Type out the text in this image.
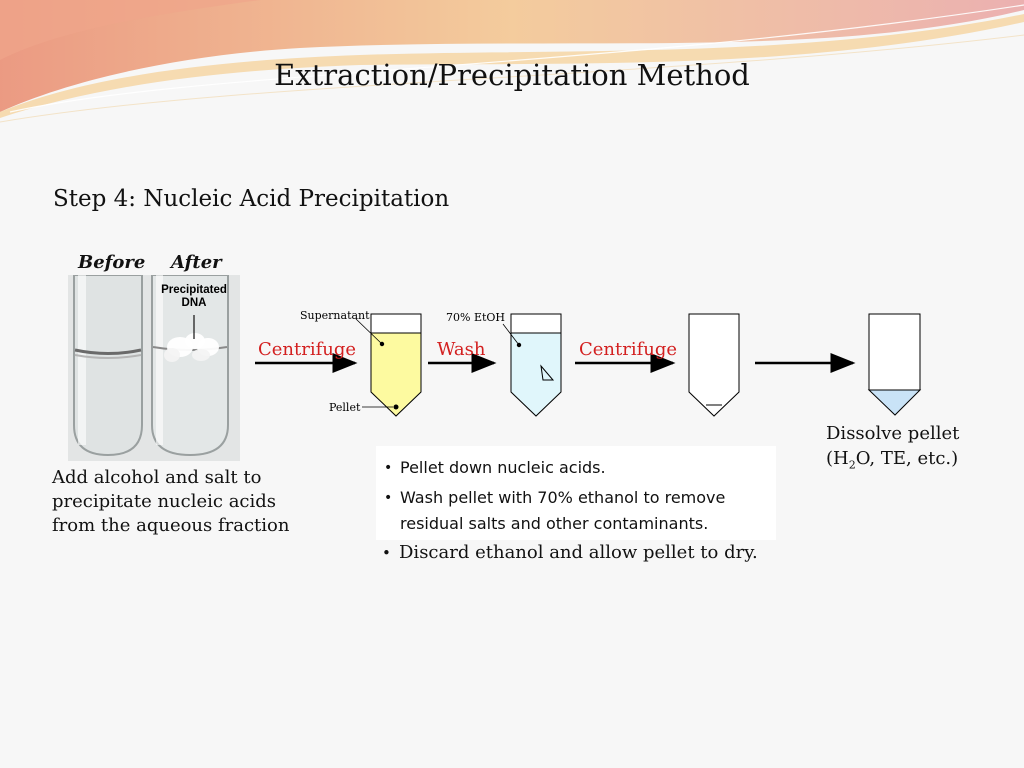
Extraction/Precipitation Method
Step 4: Nucleic Acid Precipitation
Before After
Precipitated
DNA
Add alcohol and salt to
precipitate nucleic acids
from the aqueous fraction
Supernatant
Pellet
70% EtOH
Centrifuge	Wash	Centrifuge
Dissolve pellet
($H_2O$, TE, etc.)
• Pellet down nucleic acids.
• Wash pellet with 70% ethanol to remove
residual salts and other contaminants.
• Discard ethanol and allow pellet to dry.
